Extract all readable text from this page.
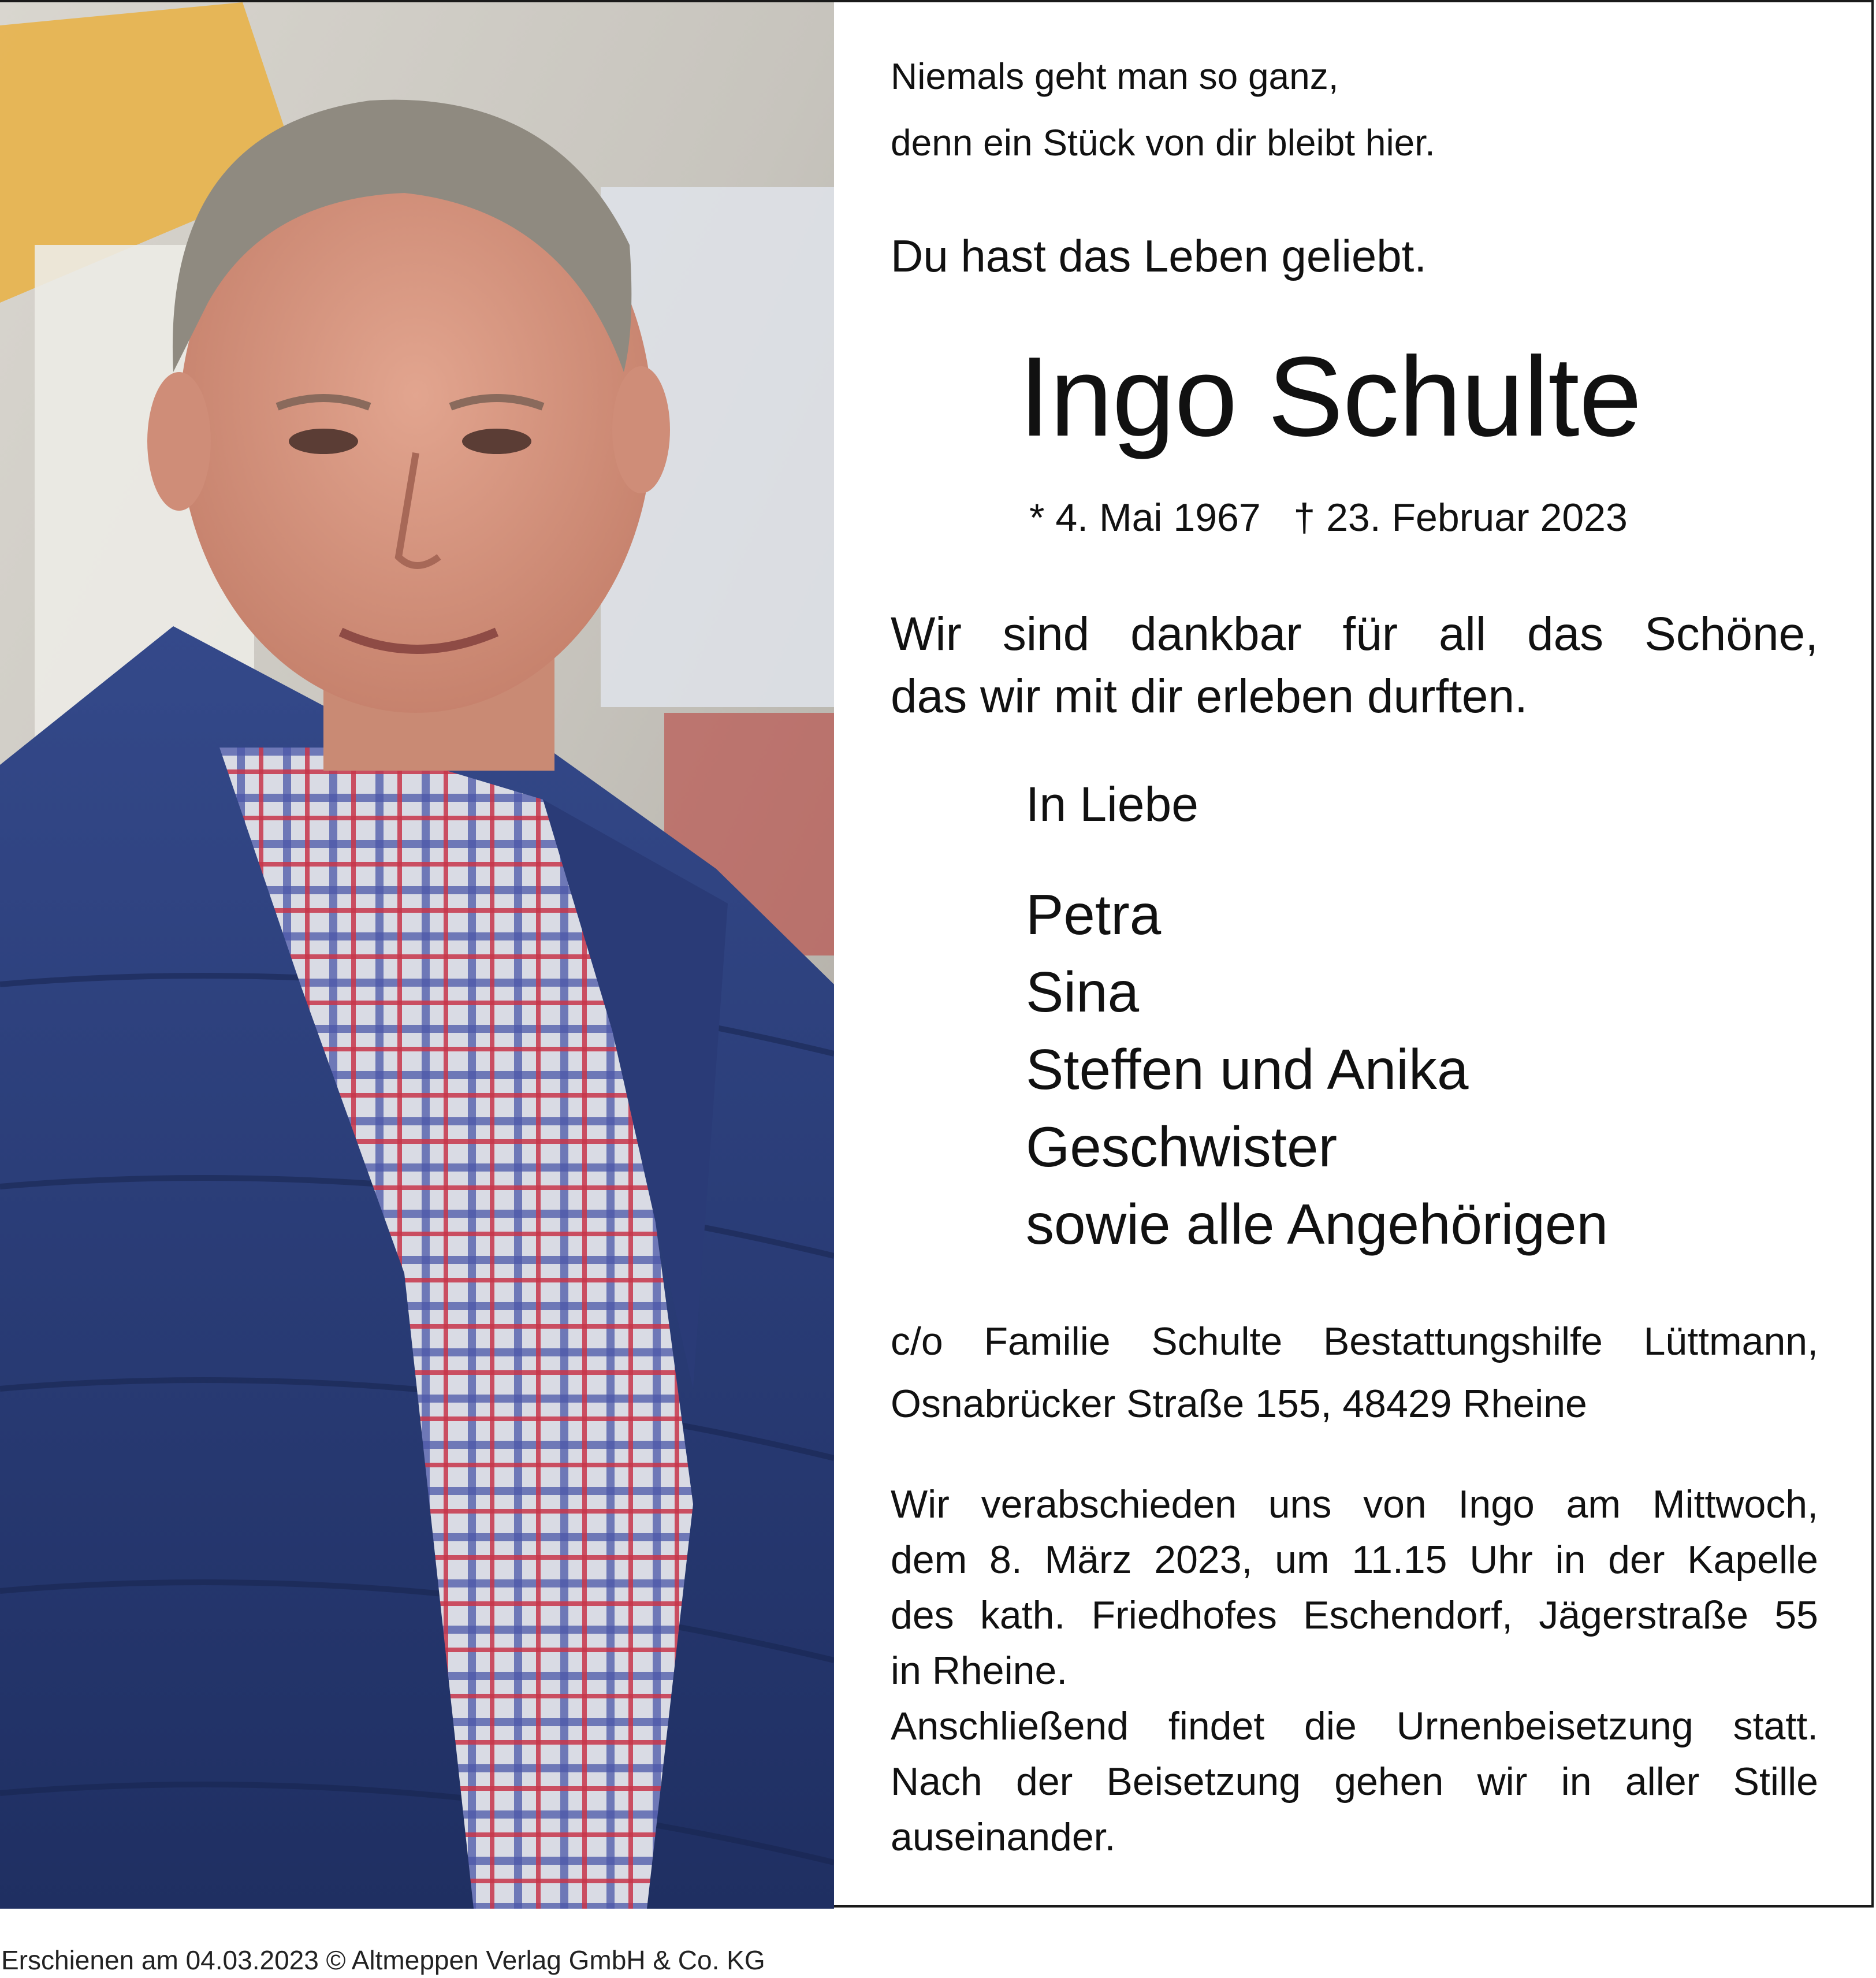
Niemals geht man so ganz,
denn ein Stück von dir bleibt hier.
Du hast das Leben geliebt.
Ingo Schulte
* 4. Mai 1967 † 23. Februar 2023
Wir sind dankbar für all das Schöne,
das wir mit dir erleben durften.
In Liebe
Petra
Sina
Steffen und Anika
Geschwister
sowie alle Angehörigen
c/o Familie Schulte Bestattungshilfe Lüttmann,
Osnabrücker Straße 155, 48429 Rheine
Wir verabschieden uns von Ingo am Mittwoch,
dem 8. März 2023, um 11.15 Uhr in der Kapelle
des kath. Friedhofes Eschendorf, Jägerstraße 55
in Rheine.
Anschließend findet die Urnenbeisetzung statt.
Nach der Beisetzung gehen wir in aller Stille
auseinander.
Erschienen am 04.03.2023 © Altmeppen Verlag GmbH & Co. KG
